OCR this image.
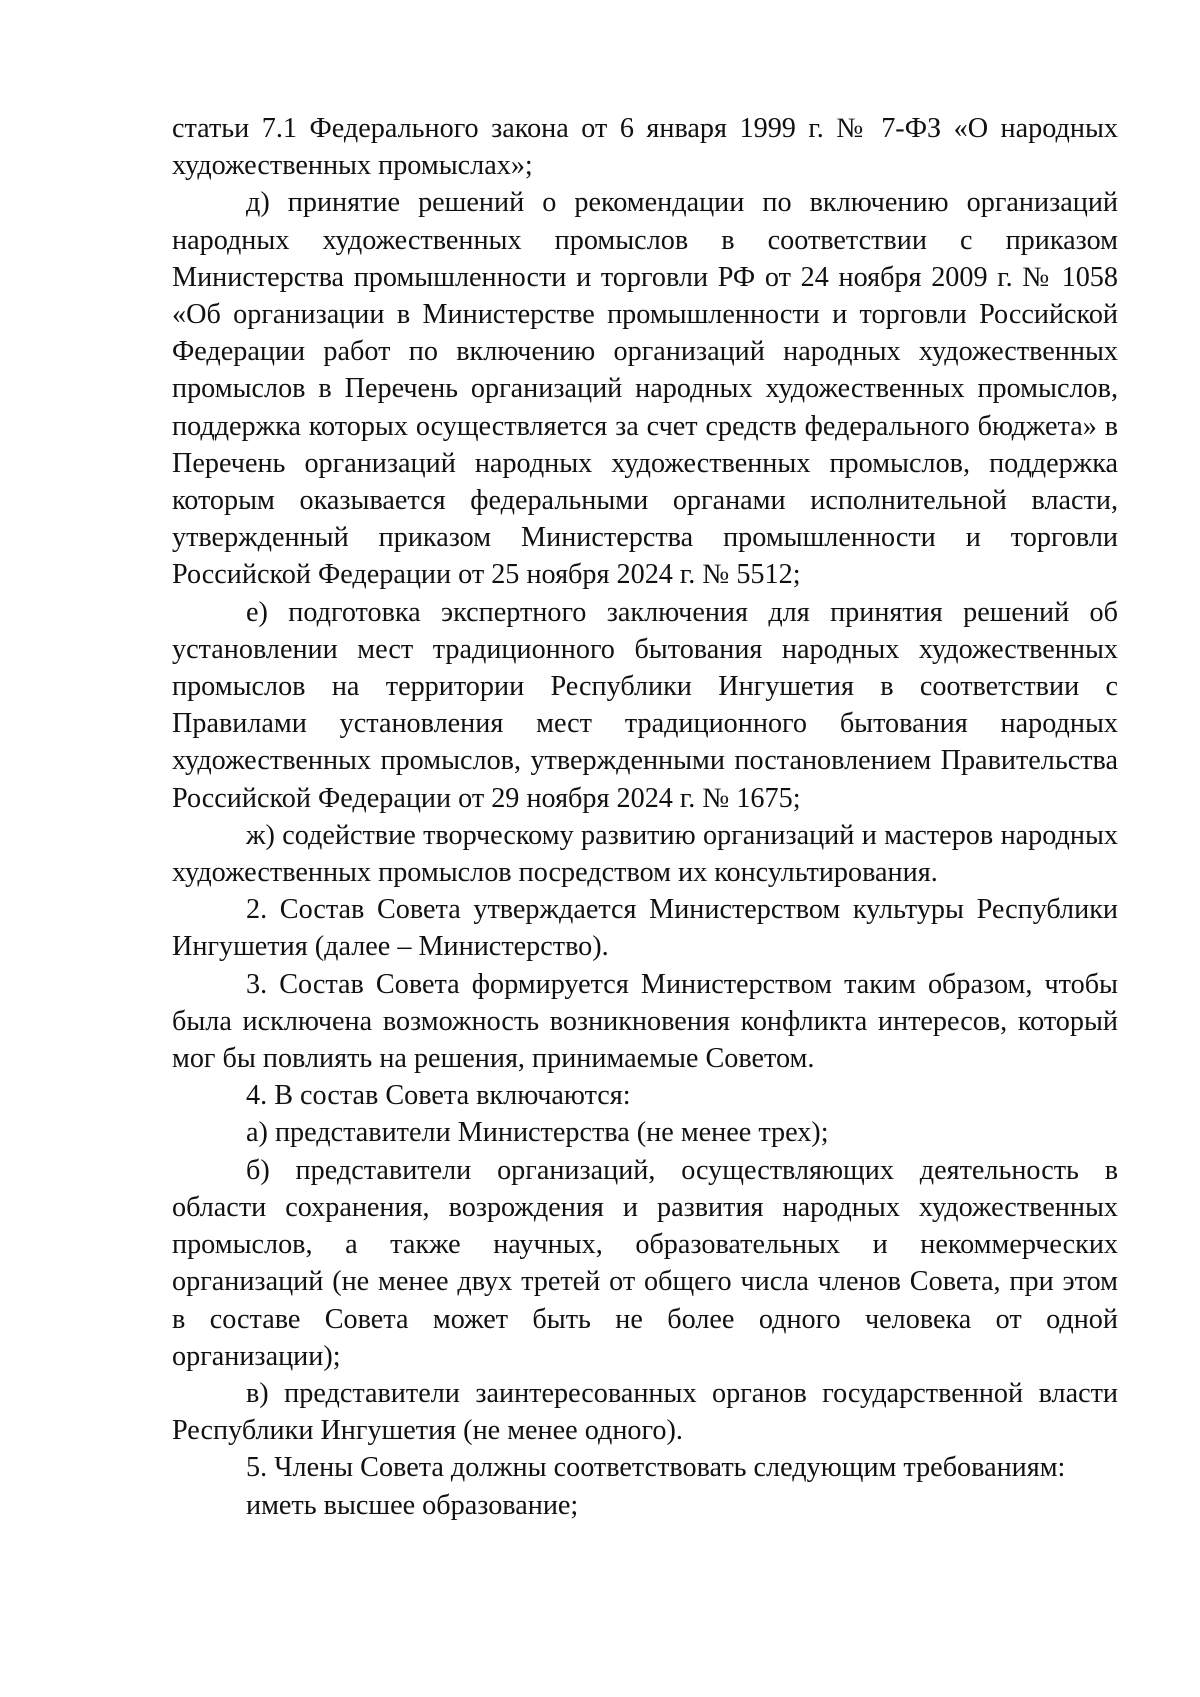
статьи 7.1 Федерального закона от 6 января 1999 г. № 7-ФЗ «О народных художественных промыслах»;

д) принятие решений о рекомендации по включению организаций народных художественных промыслов в соответствии с приказом Министерства промышленности и торговли РФ от 24 ноября 2009 г. № 1058 «Об организации в Министерстве промышленности и торговли Российской Федерации работ по включению организаций народных художественных промыслов в Перечень организаций народных художественных промыслов, поддержка которых осуществляется за счет средств федерального бюджета» в Перечень организаций народных художественных промыслов, поддержка которым оказывается федеральными органами исполнительной власти, утвержденный приказом Министерства промышленности и торговли Российской Федерации от 25 ноября 2024 г. № 5512;

е) подготовка экспертного заключения для принятия решений об установлении мест традиционного бытования народных художественных промыслов на территории Республики Ингушетия в соответствии с Правилами установления мест традиционного бытования народных художественных промыслов, утвержденными постановлением Правительства Российской Федерации от 29 ноября 2024 г. № 1675;

ж) содействие творческому развитию организаций и мастеров народных художественных промыслов посредством их консультирования.

2. Состав Совета утверждается Министерством культуры Республики Ингушетия (далее – Министерство).

3. Состав Совета формируется Министерством таким образом, чтобы была исключена возможность возникновения конфликта интересов, который мог бы повлиять на решения, принимаемые Советом.

4. В состав Совета включаются:

а) представители Министерства (не менее трех);

б) представители организаций, осуществляющих деятельность в области сохранения, возрождения и развития народных художественных промыслов, а также научных, образовательных и некоммерческих организаций (не менее двух третей от общего числа членов Совета, при этом в составе Совета может быть не более одного человека от одной организации);

в) представители заинтересованных органов государственной власти Республики Ингушетия (не менее одного).

5. Члены Совета должны соответствовать следующим требованиям:

иметь высшее образование;
